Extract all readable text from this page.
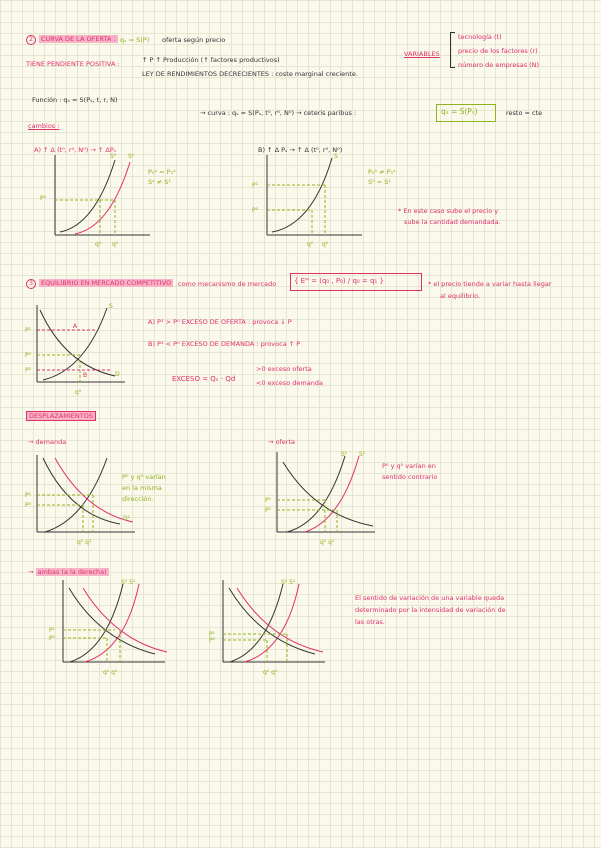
2 CURVA DE LA OFERTA : qₛ = S(P) oferta según precio
TIENE PENDIENTE POSITIVA :	↑ P ↑ Producción (↑ factores productivos)
LEY DE RENDIMIENTOS DECRECIENTES : coste marginal creciente.
VARIABLES
tecnología (t)
precio de los factores (r)
número de empresas (N)
Función : qₛ = S(Pₛ, t, r, N)
→ curva : qₛ = S(Pₛ, t⁰, r⁰, N⁰) → ceteris paribus :	qₛ = S(Pₛ)	resto = cte
cambios :
A) ↑ Δ (t⁰, r⁰, N⁰) → ↑ ΔPₛ
P⁰
q⁰ q¹
S⁰ S¹
P₀ᵃ = P₁ᵃ
Sᵃ ≠ S¹
B) ↑ Δ Pₛ → ↑ Δ (t⁰, r⁰, N⁰)
P¹
P⁰
q⁰ q¹
S
P₀ᵃ ≠ P₁ᵃ
S⁰ = S¹
* En este caso sube el precio y
sube la cantidad demandada.
3 EQUILIBRIO EN MERCADO COMPETITIVO	como mecanismo de mercado	{ Eᴹ = (q₀ , P₀) / q₀ = q₁ }	* el precio tiende a variar hasta llegar
al equilibrio.
P¹
P⁰
P²
q⁰
A
B
S
D
A) P¹ > P⁰ EXCESO DE OFERTA : provoca ↓ P
B) P¹ < P⁰ EXCESO DE DEMANDA : provoca ↑ P
EXCESO = Qₛ - Qd
>0 exceso oferta
<0 exceso demanda
DESPLAZAMIENTOS
→ demanda	→ oferta
P¹
P⁰
q⁰ q¹
D¹
P⁰ y q⁰ varían
en la misma
dirección.	P⁰
P¹
q⁰ q¹
S⁰ S¹
P⁰ y q⁰ varían en
sentido contrario
→ ambas (a la derecha)
P¹
P⁰
q⁰ q¹
S⁰ S¹
P¹
P⁰
q⁰ q¹
S⁰ S¹
El sentido de variación de una variable queda
determinado por la intensidad de variación de
las otras.
